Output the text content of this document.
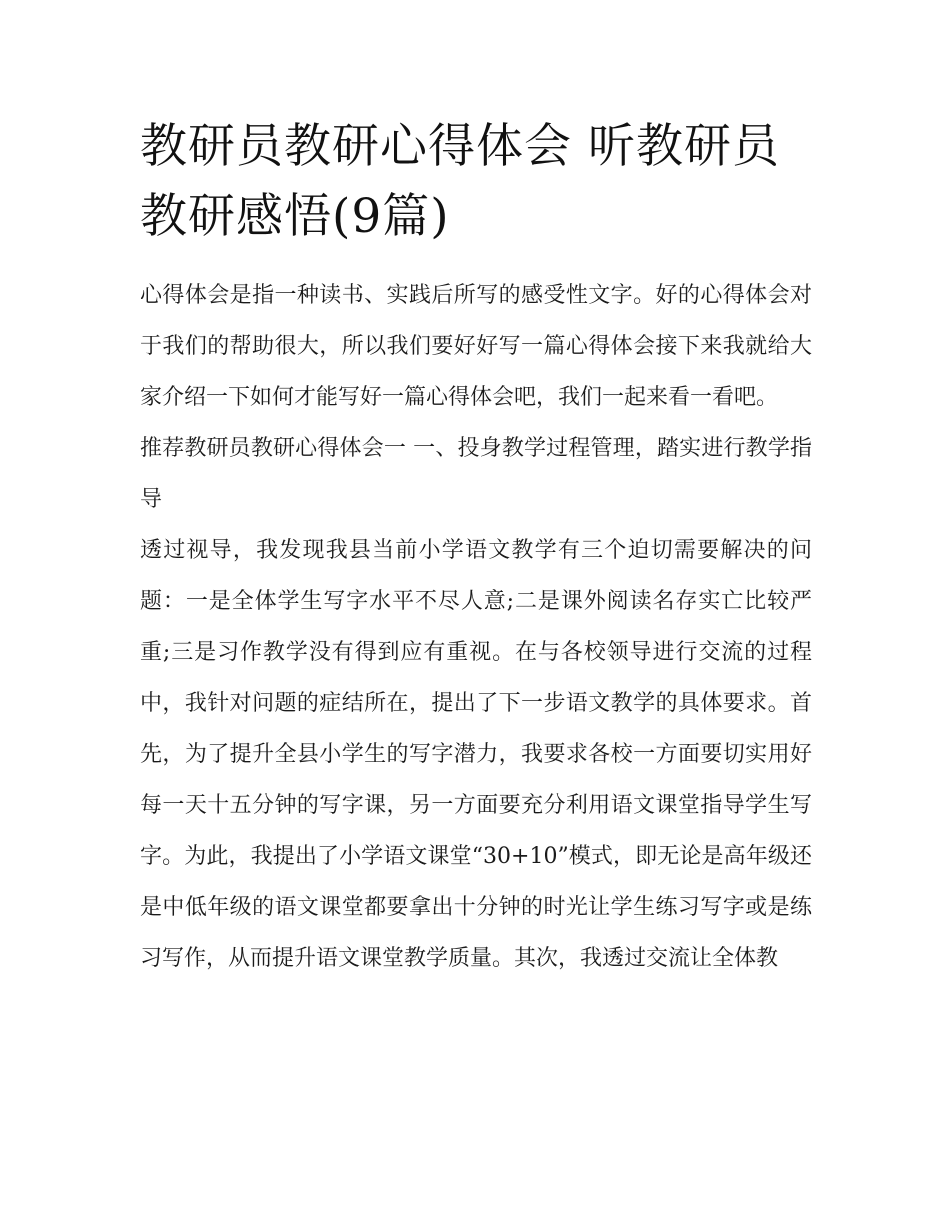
教研员教研心得体会 听教研员教研感悟(9篇)

心得体会是指一种读书、实践后所写的感受性文字。好的心得体会对于我们的帮助很大，所以我们要好好写一篇心得体会接下来我就给大家介绍一下如何才能写好一篇心得体会吧，我们一起来看一看吧。

推荐教研员教研心得体会一 一、投身教学过程管理，踏实进行教学指导

透过视导，我发现我县当前小学语文教学有三个迫切需要解决的问题：一是全体学生写字水平不尽人意;二是课外阅读名存实亡比较严重;三是习作教学没有得到应有重视。在与各校领导进行交流的过程中，我针对问题的症结所在，提出了下一步语文教学的具体要求。首先，为了提升全县小学生的写字潜力，我要求各校一方面要切实用好每一天十五分钟的写字课，另一方面要充分利用语文课堂指导学生写字。为此，我提出了小学语文课堂“30+10”模式，即无论是高年级还是中低年级的语文课堂都要拿出十分钟的时光让学生练习写字或是练习写作，从而提升语文课堂教学质量。其次，我透过交流让全体教
